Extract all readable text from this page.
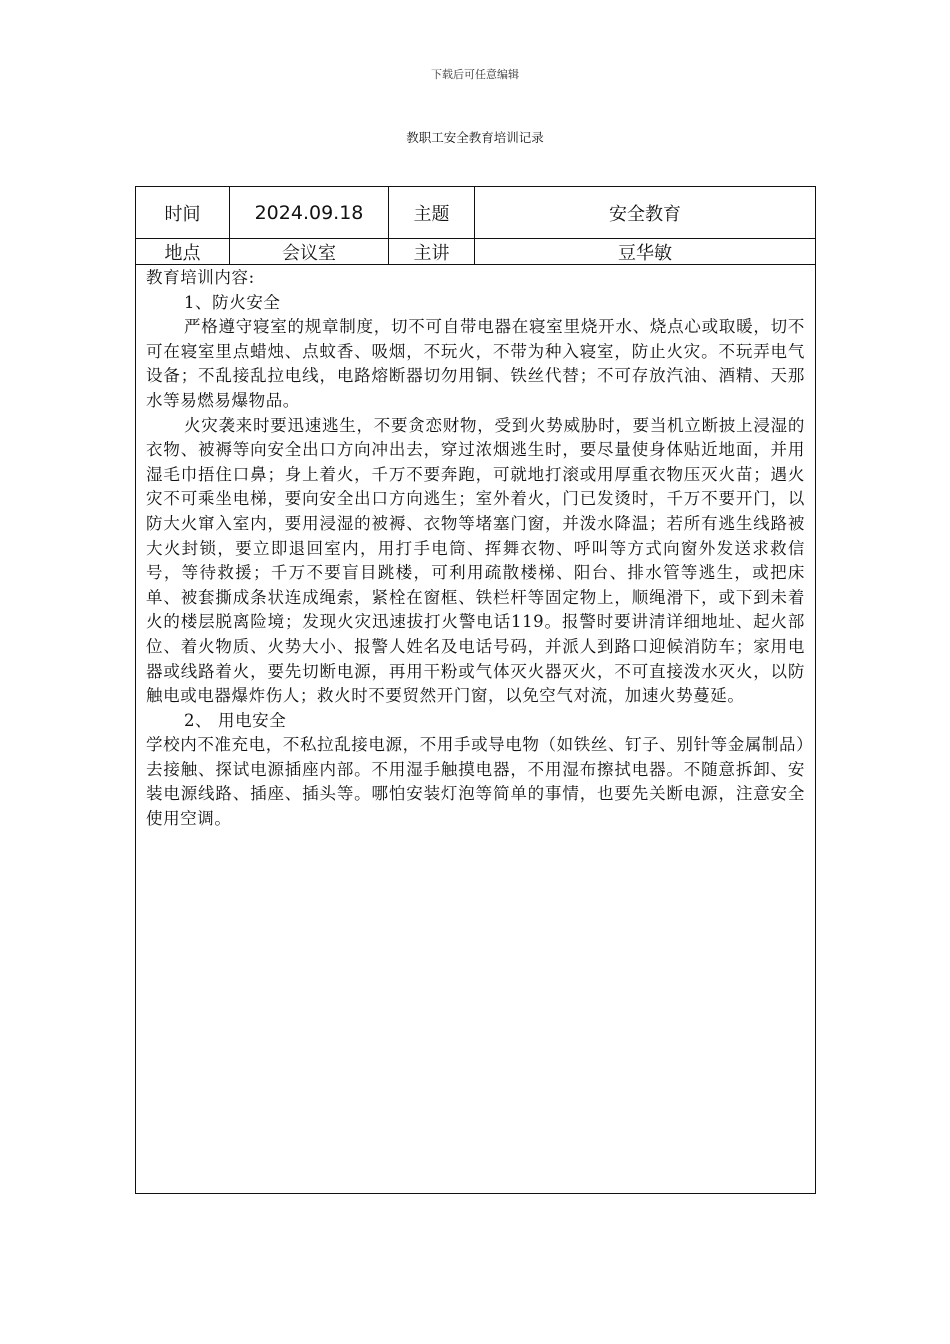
下载后可任意编辑
教职工安全教育培训记录
时间	2024.09.18	主题	安全教育
地点	会议室	主讲	豆华敏

教育培训内容:

1、防火安全

严格遵守寝室的规章制度，切不可自带电器在寝室里烧开水、烧点心或取暖，切不可在寝室里点蜡烛、点蚊香、吸烟，不玩火，不带为种入寝室，防止火灾。不玩弄电气设备；不乱接乱拉电线，电路熔断器切勿用铜、铁丝代替；不可存放汽油、酒精、天那水等易燃易爆物品。

火灾袭来时要迅速逃生，不要贪恋财物，受到火势威胁时，要当机立断披上浸湿的衣物、被褥等向安全出口方向冲出去，穿过浓烟逃生时，要尽量使身体贴近地面，并用湿毛巾捂住口鼻；身上着火，千万不要奔跑，可就地打滚或用厚重衣物压灭火苗；遇火灾不可乘坐电梯，要向安全出口方向逃生；室外着火，门已发烫时，千万不要开门，以防大火窜入室内，要用浸湿的被褥、衣物等堵塞门窗，并泼水降温；若所有逃生线路被大火封锁，要立即退回室内，用打手电筒、挥舞衣物、呼叫等方式向窗外发送求救信号，等待救援；千万不要盲目跳楼，可利用疏散楼梯、阳台、排水管等逃生，或把床单、被套撕成条状连成绳索，紧栓在窗框、铁栏杆等固定物上，顺绳滑下，或下到未着火的楼层脱离险境；发现火灾迅速拔打火警电话119。报警时要讲清详细地址、起火部位、着火物质、火势大小、报警人姓名及电话号码，并派人到路口迎候消防车；家用电器或线路着火，要先切断电源，再用干粉或气体灭火器灭火，不可直接泼水灭火，以防触电或电器爆炸伤人；救火时不要贸然开门窗，以免空气对流，加速火势蔓延。

2、 用电安全

学校内不准充电，不私拉乱接电源，不用手或导电物（如铁丝、钉子、别针等金属制品）去接触、探试电源插座内部。不用湿手触摸电器，不用湿布擦拭电器。不随意拆卸、安装电源线路、插座、插头等。哪怕安装灯泡等简单的事情，也要先关断电源，注意安全使用空调。
